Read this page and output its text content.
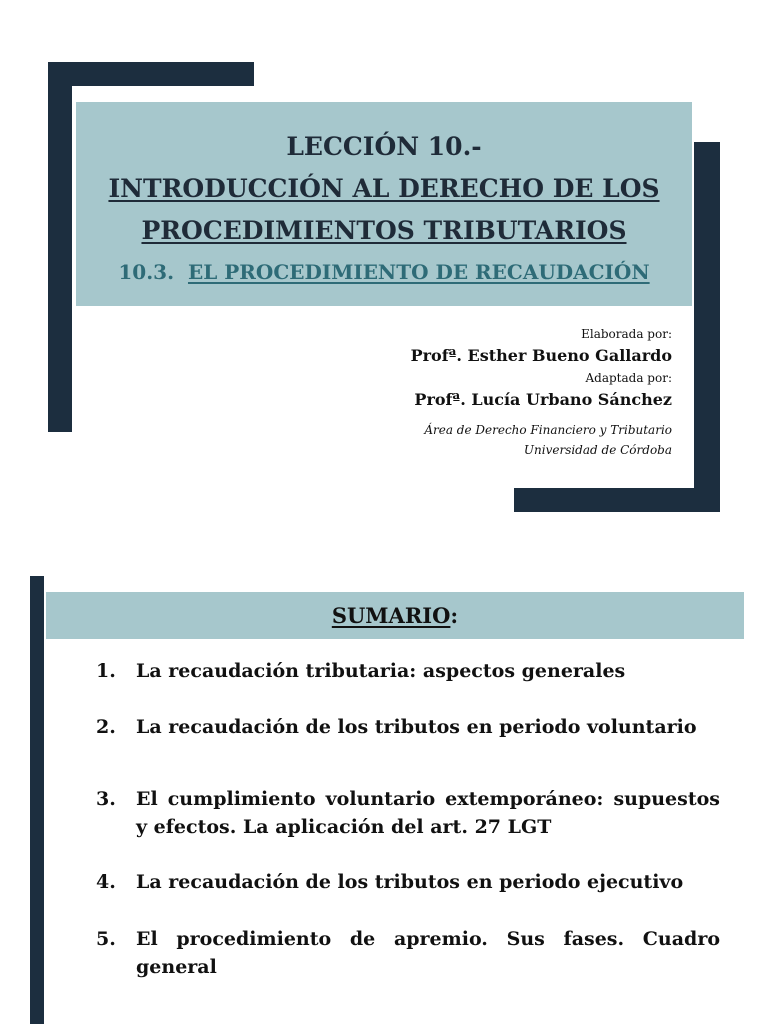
LECCIÓN 10.-
INTRODUCCIÓN AL DERECHO DE LOS
PROCEDIMIENTOS TRIBUTARIOS
10.3. EL PROCEDIMIENTO DE RECAUDACIÓN
Elaborada por:
Profª. Esther Bueno Gallardo
Adaptada por:
Profª. Lucía Urbano Sánchez
Área de Derecho Financiero y Tributario
Universidad de Córdoba
SUMARIO:
1.	La recaudación tributaria: aspectos generales
2.	La recaudación de los tributos en periodo voluntario
3.	El cumplimiento voluntario extemporáneo: supuestos y efectos. La aplicación del art. 27 LGT
4.	La recaudación de los tributos en periodo ejecutivo
5.	El procedimiento de apremio. Sus fases. Cuadro general
